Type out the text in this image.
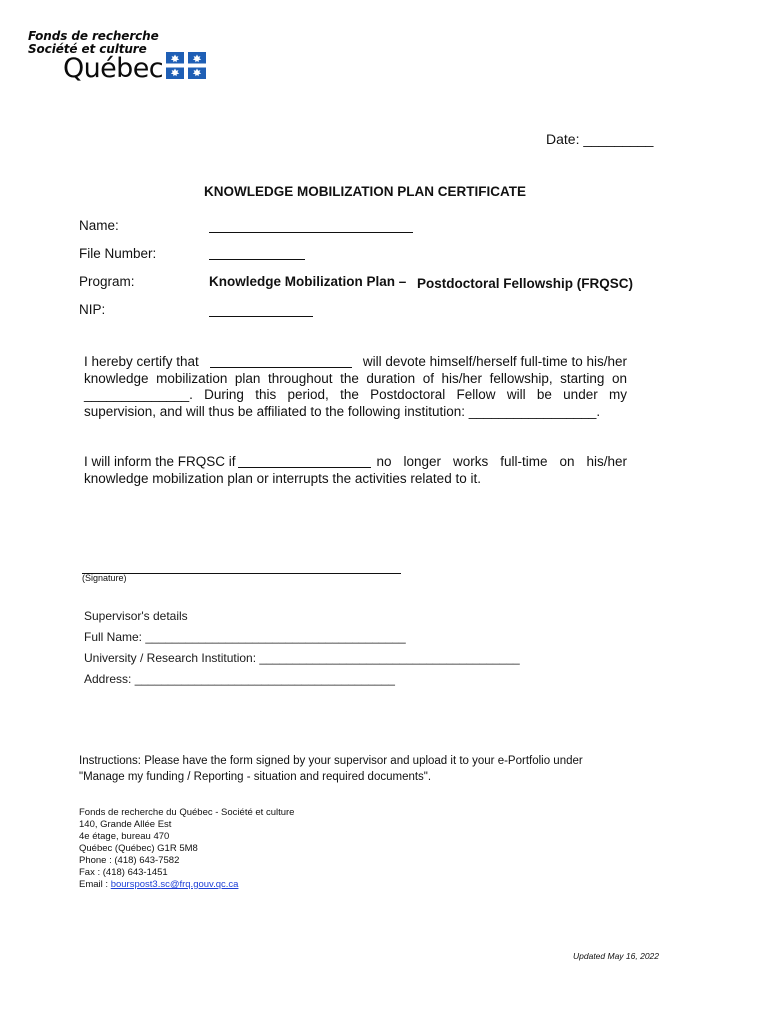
Fonds de recherche
Société et culture
Québec
Date: _________
KNOWLEDGE MOBILIZATION PLAN CERTIFICATE
Name:
File Number:
Program:	Knowledge Mobilization Plan – Postdoctoral Fellowship (FRQSC)
NIP:
I hereby certify that	will devote himself/herself full-time to his/her
knowledge mobilization plan throughout the duration of his/her fellowship, starting on
______________. During this period, the Postdoctoral Fellow will be under my
supervision, and will thus be affiliated to the following institution: _________________.
I will inform the FRQSC if	no longer works full-time on his/her
knowledge mobilization plan or interrupts the activities related to it.
(Signature)
Supervisor's details
Full Name: _______________________________________
University / Research Institution: _______________________________________
Address: _______________________________________
Instructions: Please have the form signed by your supervisor and upload it to your e-Portfolio under
"Manage my funding / Reporting - situation and required documents".
Fonds de recherche du Québec - Société et culture
140, Grande Allée Est
4e étage, bureau 470
Québec (Québec) G1R 5M8
Phone : (418) 643-7582
Fax : (418) 643-1451
Email : bourspost3.sc@frq.gouv.qc.ca
Updated May 16, 2022
